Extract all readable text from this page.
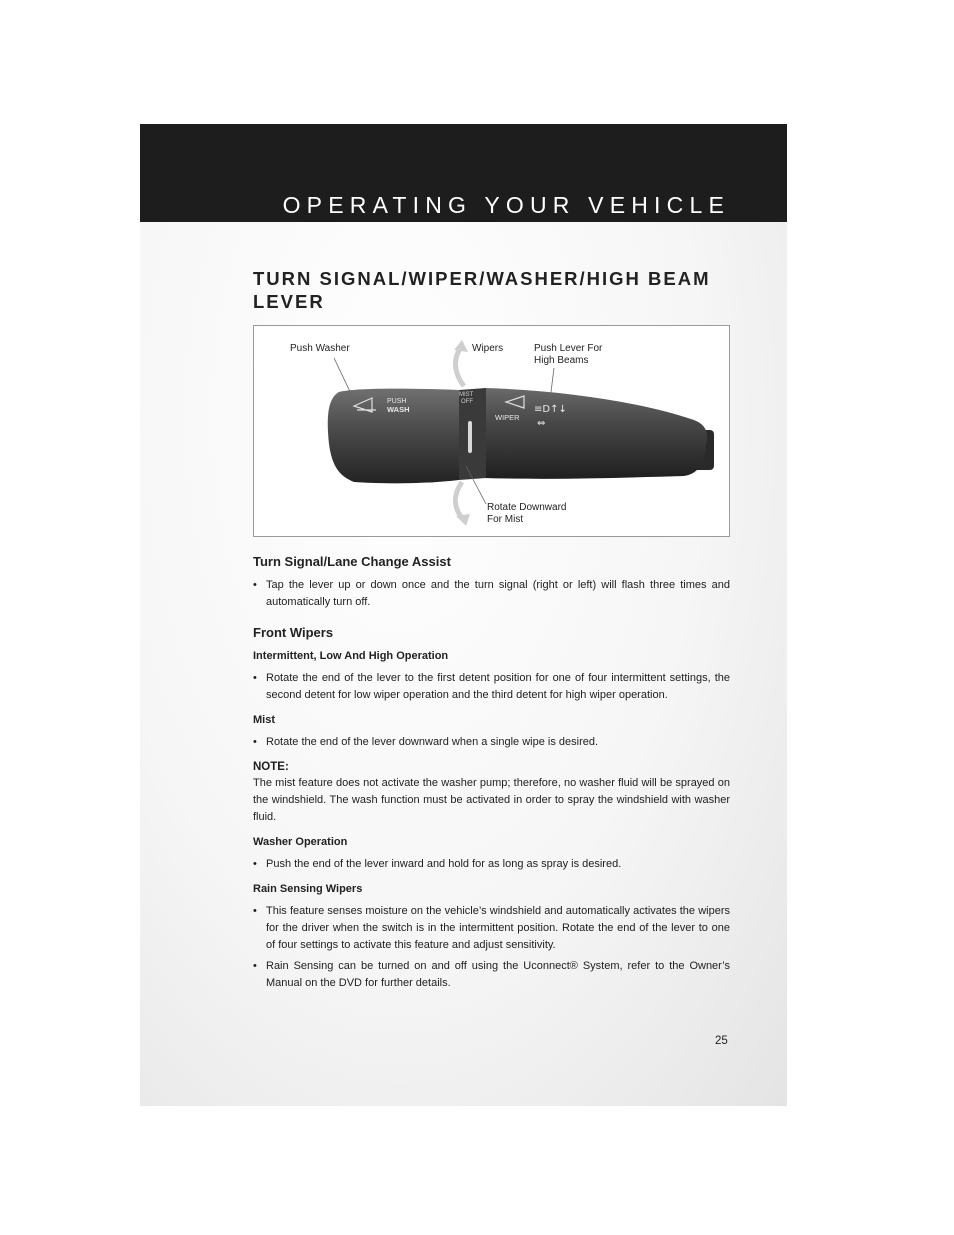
OPERATING YOUR VEHICLE
TURN SIGNAL/WIPER/WASHER/HIGH BEAM LEVER
PUSH
WASH
MIST
OFF
WIPER
≡D↑↓
⇔
Push Washer	Wipers	Push Lever For
High Beams
Rotate Downward
For Mist
Turn Signal/Lane Change Assist

• Tap the lever up or down once and the turn signal (right or left) will flash three times and automatically turn off.

Front Wipers
Intermittent, Low And High Operation

• Rotate the end of the lever to the first detent position for one of four intermittent settings, the second detent for low wiper operation and the third detent for high wiper operation.

Mist

• Rotate the end of the lever downward when a single wipe is desired.

NOTE:

The mist feature does not activate the washer pump; therefore, no washer fluid will be sprayed on the windshield. The wash function must be activated in order to spray the windshield with washer fluid.

Washer Operation

• Push the end of the lever inward and hold for as long as spray is desired.

Rain Sensing Wipers

• This feature senses moisture on the vehicle’s windshield and automatically activates the wipers for the driver when the switch is in the intermittent position. Rotate the end of the lever to one of four settings to activate this feature and adjust sensitivity.

• Rain Sensing can be turned on and off using the Uconnect® System, refer to the Owner’s Manual on the DVD for further details.

25
